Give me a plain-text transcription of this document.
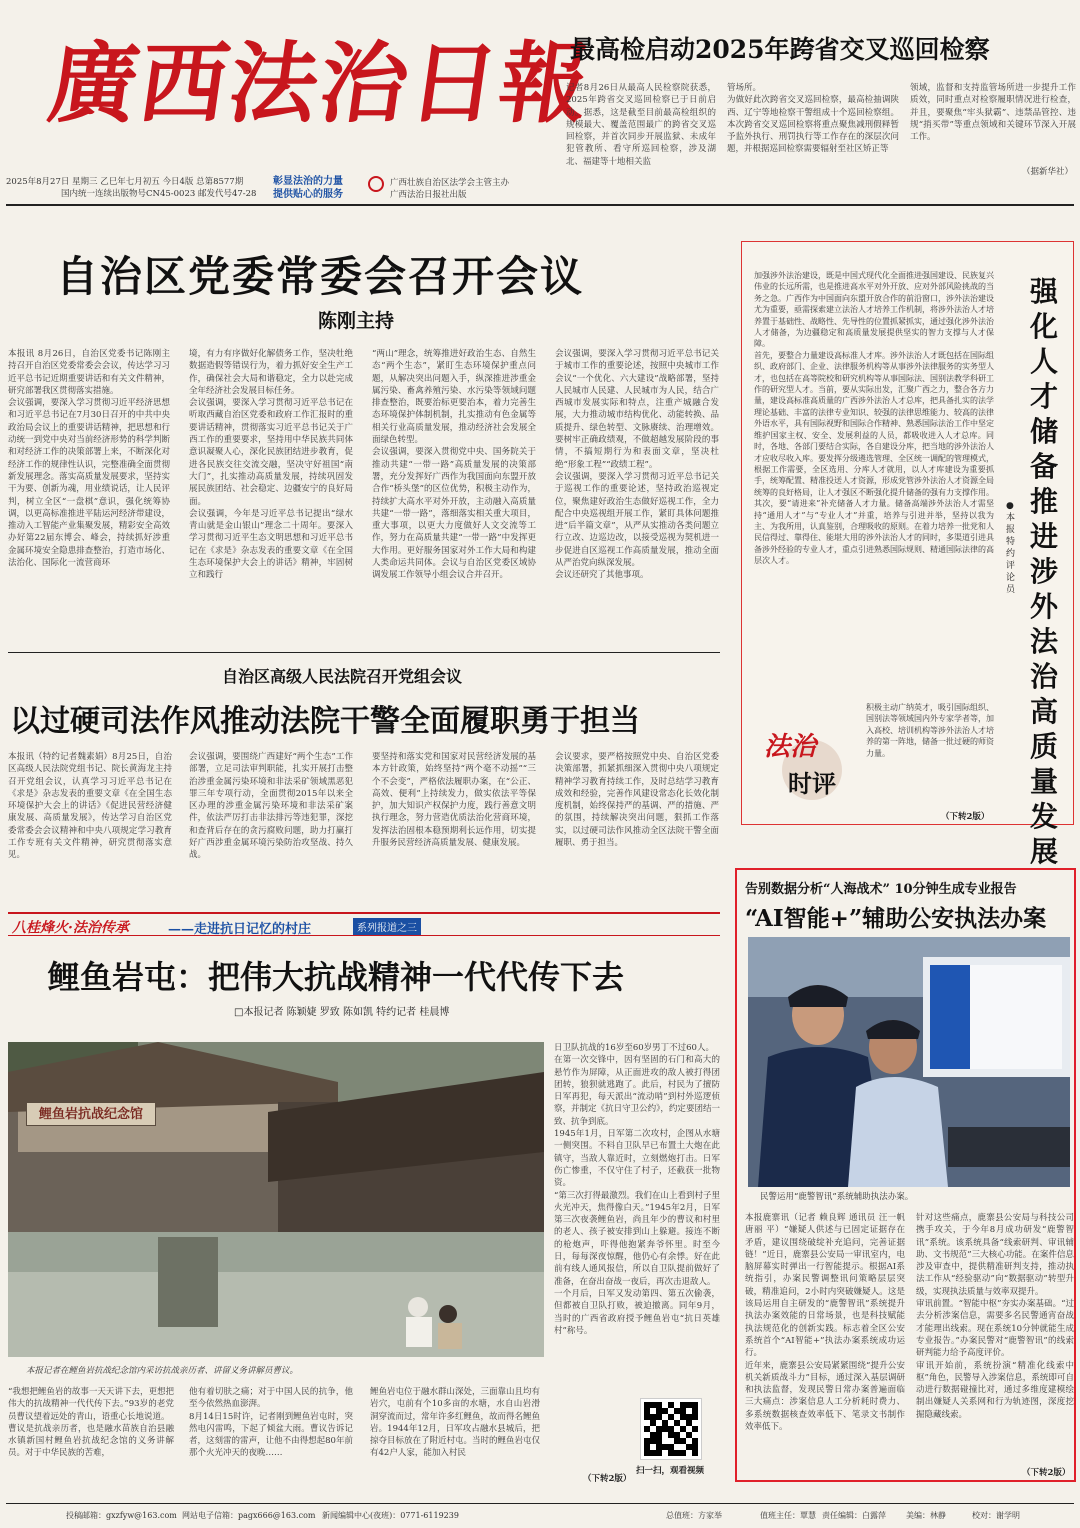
廣西法治日報
2025年8月27日 星期三 乙巳年七月初五 今日4版 总第8577期
国内统一连续出版物号CN45-0023 邮发代号47-28
彰显法治的力量
提供贴心的服务
广西壮族自治区法学会主管主办
广西法治日报社出版
最高检启动2025年跨省交叉巡回检察

记者8月26日从最高人民检察院获悉，2025年跨省交叉巡回检察已于日前启动。据悉，这是截至目前最高检组织的规模最大、覆盖范围最广的跨省交叉巡回检察，并首次同步开展监狱、未成年犯管教所、看守所巡回检察，涉及湖北、福建等十地相关监

管场所。
为做好此次跨省交叉巡回检察，最高检抽调陕西、辽宁等地检察干警组成十个巡回检察组。本次跨省交叉巡回检察将重点聚焦减刑假释暂予监外执行、刑罚执行等工作存在的深层次问题，并根据巡回检察需要辐射至社区矫正等

领域，监督和支持监管场所进一步提升工作质效，同时重点对检察履职情况进行检查，并且，要聚焦“牢头狱霸”、违禁品管控、违规“捎买带”等重点领域和关键环节深入开展工作。

（据新华社）
自治区党委常委会召开会议
陈刚主持

本报讯 8月26日，自治区党委书记陈刚主持召开自治区党委常委会会议，传达学习习近平总书记近期重要讲话和有关文件精神，研究部署我区贯彻落实措施。
会议强调，要深入学习贯彻习近平经济思想和习近平总书记在7月30日召开的中共中央政治局会议上的重要讲话精神，把思想和行动统一到党中央对当前经济形势的科学判断和对经济工作的决策部署上来，不断深化对经济工作的规律性认识，完整准确全面贯彻新发展理念。落实高质量发展要求，坚持实干为要、创新为魂，用业绩说话，让人民评判，树立全区“一盘棋”意识，强化统筹协调，以更高标准推进平陆运河经济带建设，推动入工智能产业集聚发展，精彩安全高效办好第22届东博会、峰会，持续抓好涉重金属环境安全隐患排查整治，打造市场化、法治化、国际化一流营商环

境，有力有序做好化解债务工作，坚决牡绝数据造假等错误行为，着力抓好安全生产工作，确保社会大局和谐稳定，全力以赴完成全年经济社会发展目标任务。
会议强调，要深入学习贯彻习近平总书记在听取西藏自治区党委和政府工作汇报时的重要讲话精神，贯彻落实习近平总书记关于广西工作的重要要求，坚持用中华民族共同体意识凝聚人心，深化民族团结进步教育，促进各民族交往交流交融，坚决守好祖国“南大门”，扎实推动高质量发展，持续巩固发展民族团结、社会稳定、边疆安宁的良好局面。
会议强调，今年是习近平总书记提出“绿水青山就是金山银山”理念二十周年。要深入学习贯彻习近平生态文明思想和习近平总书记在《求是》杂志发表的重要文章《在全国生态环境保护大会上的讲话》精神，牢固树立和践行

“两山”理念，统筹推进好政治生态、自然生态“两个生态”，紧盯生态环境保护重点问题，从解决突出问题入手，纵深推进涉重金属污染、畜禽养殖污染、水污染等领域问题排查整治，既要治标更要治本，着力完善生态环境保护体制机制，扎实推动有色金属等相关行业高质量发展，推动经济社会发展全面绿色转型。
会议强调，要深入贯彻党中央、国务院关于推动共建“一带一路”高质量发展的决策部署，充分发挥好广西作为我国面向东盟开放合作“桥头堡”的区位优势，积极主动作为，持续扩大高水平对外开放，主动融入高质量共建“一带一路”，落细落实相关重大项目，重大事项，以更大力度做好人文交流等工作，努力在高质量共建“一带一路”中发挥更大作用。更好服务国家对外工作大局和构建人类命运共同体。会议与自治区党委区域协调发展工作领导小组会议合并召开。

会议强调，要深入学习贯彻习近平总书记关于城市工作的重要论述，按照中央城市工作会议“一个优化、六大建设”战略部署，坚持人民城市人民建、人民城市为人民，结合广西城市发展实际和特点，注重产城融合发展，大力推动城市结构优化、动能转换、品质提升、绿色转型、文脉赓续、治理增效。要树牢正确政绩观，不做超越发展阶段的事情，不搞短期行为和表面文章，坚决杜绝“形象工程”“政绩工程”。
会议强调，要深入学习贯彻习近平总书记关于巡视工作的重要论述，坚持政治巡视定位，聚焦建好政治生态做好巡视工作，全力配合中央巡视组开展工作，紧盯具体问题推进“后半篇文章”，从严从实推动各类问题立行立改、边巡边改，以接受巡视为契机进一步促进自区巡视工作高质量发展，推动全面从严治党向纵深发展。
会议还研究了其他事项。

自治区高级人民法院召开党组会议
以过硬司法作风推动法院干警全面履职勇于担当

本报讯（特约记者魏素娟）8月25日，自治区高级人民法院党组书记、院长黄海龙主持召开党组会议，认真学习习近平总书记在《求是》杂志发表的重要文章《在全国生态环境保护大会上的讲话》《促进民营经济健康发展、高质量发展》，传达学习自治区党委常委会会议精神和中央八项规定学习教育工作专班有关文件精神，研究贯彻落实意见。

会议强调，要围绕广西建好“两个生态”工作部署，立足司法审判职能，扎实开展打击整治涉重金属污染环境和非法采矿领域黑恶犯罪三年专项行动，全面贯彻2015年以来全区办理的涉重金属污染环境和非法采矿案件，依法严厉打击非法排污等违犯罪，深挖和查背后存在的贪污腐败问题，助力打赢打好广西涉重金属环境污染防治攻坚战、持久战。

要坚持和落实党和国家对民营经济发展的基本方针政策，始终坚持“两个毫不动摇”“三个不会变”，严格依法履职办案，在“公正、高效、便利”上持续发力，做实依法平等保护，加大知识产权保护力度，践行善意文明执行理念，努力营造优质法治化营商环境，发挥法治固根本稳预期利长远作用，切实提升服务民营经济高质量发展、健康发展。

会议要求，要严格按照党中央、自治区党委决策部署，抓紧抓细深入贯彻中央八项规定精神学习教育持续工作，及时总结学习教育成效和经验，完善作风建设常态化长效化制度机制，始终保持严的基调、严的措施、严的氛围，持续解决突出问题，狠抓工作落实，以过硬司法作风推动全区法院干警全面履职、勇于担当。

八桂烽火·法治传承	——走进抗日记忆的村庄	系列报道之三
鲤鱼岩屯：把伟大抗战精神一代代传下去
□本报记者 陈颖婕 罗致 陈如凯 特约记者 桂晨博
鲤鱼岩抗战纪念馆
本报记者在鲤鱼岩抗战纪念馆内采访抗战亲历者、讲留义务讲解员曹议。

日卫队抗战的16岁至60岁男丁不过60人。
在第一次交锋中，因有坚固的石门和高大的悬竹作为屏障，从正面进攻的敌人被打得团团转，狼狈就逃跑了。此后，村民为了擅防日军再犯，每天派出“流动哨”到村外巡逻侦察，并制定《抗日守卫公约》，约定要团结一致、抗争到底。
1945年1月，日军第二次攻村，企图从水塘一侧突围。不料自卫队早已布置土大炮在此镇守，当敌人靠近时，立刻燃炮打击。日军伤亡惨重，不仅守住了村子，还截获一批物资。
“第三次打得最激烈。我们在山上看到村子里火光冲天，焦得像白天。”1945年2月，日军第三次夜袭鲤鱼岩，尚且年少的曹议和村里的老人、孩子被安排到山上躲避。接连不断的枪炮声，吓得他抱紧奔爷怀里。时至今日，每每深夜惊醒，他仍心有余悸。好在此前有线人通风报信，所以自卫队提前做好了准备，在奋出奋战一夜后，再次击退敌人。
一个月后，日军又发动第四、第五次偷袭，但都被自卫队打败，被迫撤离。同年9月，当时的广西省政府授予鲤鱼岩屯“抗日英雄村”称号。

“我想把鲤鱼岩的故事一天天讲下去，更想把伟大的抗战精神一代代传下去。”93岁的老党员曹议望着远处的青山，语重心长地说道。
曹议是抗战亲历者，也是融水苗族自治县融水镇新国村鲤鱼岩抗战纪念馆的义务讲解员。对于中华民族的苦难，

他有着切肤之痛；对于中国人民的抗争，他至今依然热血澎湃。
8月14日15时许，记者刚到鲤鱼岩屯时，突然电闪雷鸣，下起了倾盆大雨。曹议告诉记者，这刻雷的雷声，让他不由得想起80年前那个火光冲天的夜晚……

鲤鱼岩屯位于融水群山深处，三面靠山且均有岩穴，屯前有个10多亩的水塘，水自山岩滑洞穿流而过，常年许多红鲤鱼，故而得名鲤鱼岩。1944年12月，日军攻占融水县城后，把掠夺目标放在了附近村屯。当时的鲤鱼岩屯仅有42户人家，能加入村民

扫一扫，观看视频
（下转2版）

加强涉外法治建设，既是中国式现代化全面推进强国建设、民族复兴伟业的长远所需，也是推进高水平对外开放、应对外部风险挑战的当务之急。广西作为中国面向东盟开放合作的前沿窗口，涉外法治建设尤为重要，亟需探索建立法治人才培养工作机制，将涉外法治人才培养置于基础性、战略性、先导性的位置抓紧抓实，通过强化涉外法治人才储备，为边疆稳定和高质量发展提供坚实的智力支撑与人才保障。
首先，要整合力量建设高标准人才库。涉外法治人才既包括在国际组织、政府部门、企业、法律服务机构等从事涉外法律服务的实务型人才，也包括在高等院校和研究机构等从事国际法、国别法教学科研工作的研究型人才。当前，要从实际出发，汇聚广西之力，整合各方力量，建设高标准高质量的广西涉外法治人才总库，把具备扎实的法学理论基础、丰富的法律专业知识、较强的法律思维能力、较高的法律外语水平，具有国际视野和国际合作精神、熟悉国际法治工作中坚定维护国家主权、安全、发展利益的人员，都吸收进入人才总库。同时，各地、各部门要结合实际，各自建设分库，把当地的涉外法治人才应收尽收入库。要发挥分级遴选管理、全区统一调配的管理模式，根据工作需要，全区选用、分库人才就用，以人才库建设为重要抓手，统筹配置、精准投送人才资源，形成党管涉外法治人才资源全局统筹的良好格局，让人才强区不断强化提升储备的强有力支撑作用。
其次，要“请进来”补充储备人才力量。储备高端涉外法治人才需坚持“通用人才”与“专业人才”并重，培养与引进并举，坚持以我为主、为我所用，认真鉴别，合理吸收的原则。在着力培养一批党和人民信得过、靠得住、能堪大用的涉外法治人才的同时，多渠道引进具备涉外经验的专业人才，重点引进熟悉国际规则、精通国际法律的高层次人才。

积极主动广纳英才，吸引国际组织、国别法等领域国内外专家学者等，加入高校、培训机构等涉外法治人才培养的第一阵地，储备一批过硬的师资力量。

（下转2版）
强化人才储备推进涉外法治高质量发展
●本报特约评论员
法治
时评
告别数据分析“人海战术” 10分钟生成专业报告
“AI智能+”辅助公安执法办案
民警运用“鹿警智讯”系统辅助执法办案。

本报鹿寨讯（记者 赖良辉 通讯员 汪一帆 唐丽 平）“嫌疑人供述与已固定证据存在矛盾，建议围绕破绽补充追问，完善证据链！”近日，鹿寨县公安局一审讯室内，电脑屏幕实时弹出一行智能提示。根据AI系统指引，办案民警调整讯问策略层层突破，精准追问，2小时内突破嫌疑人。这是该局运用自主研发的“鹿警智讯”系统提升执法办案效能的日常场景，也是科技赋能执法规范化的创新实践。标志着全区公安系统首个“AI智能+”执法办案系统成功运行。
近年来，鹿寨县公安局紧紧围绕“提升公安机关新质战斗力”目标，通过深入基层调研和执法监督，发现民警日常办案普遍面临三大痛点：涉案信息人工分析耗时费力、多系统数据核查效率低下、笔录文书制作效率低下。

针对这些痛点，鹿寨县公安局与科技公司携手攻关，于今年8月成功研发“鹿警智讯”系统。该系统具备“线索研判、审讯辅助、文书规范”三大核心功能。在案件信息涉及审查中，提供精准研判支持，推动执法工作从“经验驱动”向“数据驱动”转型升级，实现执法质量与效率双提升。
审讯前置。“智能中枢”夯实办案基础。“过去分析涉案信息，需要多名民警通宵奋战才能理出线索。现在系统10分钟就能生成专业报告。”办案民警对“鹿警智讯”的线索研判能力给予高度评价。
审讯开始前，系统扮演“精准化线索中枢”角色，民警导入涉案信息，系统即可自动进行数据碰撞比对，通过多维度建模绘制出嫌疑人关系网和行为轨迹图，深度挖掘隐藏线索。

（下转2版）
投稿邮箱：gxzfyw@163.com 网站电子信箱：pagx666@163.com 新闻编辑中心(夜班)：0771-6119239	总值班：方家举	值班主任：覃慧 责任编辑：白露萍	美编：林静	校对：谢学明
